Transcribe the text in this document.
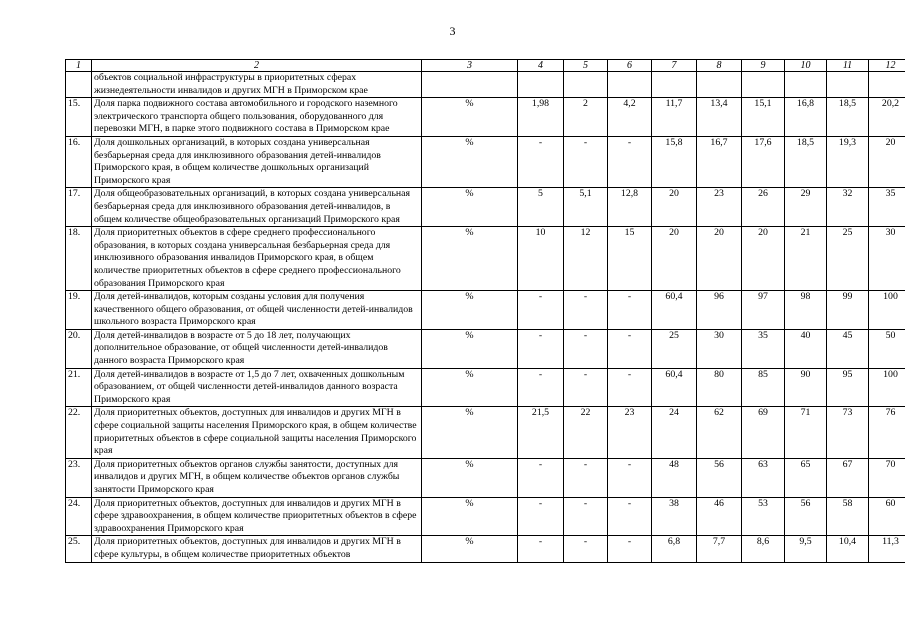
3
1	2	3	4	5	6	7	8	9	10	11	12
	объектов социальной инфраструктуры в приоритетных сферах жизнедеятельности инвалидов и других МГН в Приморском крае										
15.	Доля парка подвижного состава автомобильного и городского наземного электрического транспорта общего пользования, оборудованного для перевозки МГН, в парке этого подвижного состава в Приморском крае	%	1,98	2	4,2	11,7	13,4	15,1	16,8	18,5	20,2
16.	Доля дошкольных организаций, в которых создана универсальная безбарьерная среда для инклюзивного образования детей-инвалидов Приморского края, в общем количестве дошкольных организаций Приморского края	%	-	-	-	15,8	16,7	17,6	18,5	19,3	20
17.	Доля общеобразовательных организаций, в которых создана универсальная безбарьерная среда для инклюзивного образования детей-инвалидов, в общем количестве общеобразовательных организаций Приморского края	%	5	5,1	12,8	20	23	26	29	32	35
18.	Доля приоритетных объектов в сфере среднего профессионального образования, в которых создана универсальная безбарьерная среда для инклюзивного образования инвалидов Приморского края, в общем количестве приоритетных объектов в сфере среднего профессионального образования Приморского края	%	10	12	15	20	20	20	21	25	30
19.	Доля детей-инвалидов, которым созданы условия для получения качественного общего образования, от общей численности детей-инвалидов школьного возраста Приморского края	%	-	-	-	60,4	96	97	98	99	100
20.	Доля детей-инвалидов в возрасте от 5 до 18 лет, получающих дополнительное образование, от общей численности детей-инвалидов данного возраста Приморского края	%	-	-	-	25	30	35	40	45	50
21.	Доля детей-инвалидов в возрасте от 1,5 до 7 лет, охваченных дошкольным образованием, от общей численности детей-инвалидов данного возраста Приморского края	%	-	-	-	60,4	80	85	90	95	100
22.	Доля приоритетных объектов, доступных для инвалидов и других МГН в сфере социальной защиты населения Приморского края, в общем количестве приоритетных объектов в сфере социальной защиты населения Приморского края	%	21,5	22	23	24	62	69	71	73	76
23.	Доля приоритетных объектов органов службы занятости, доступных для инвалидов и других МГН, в общем количестве объектов органов службы занятости Приморского края	%	-	-	-	48	56	63	65	67	70
24.	Доля приоритетных объектов, доступных для инвалидов и других МГН в сфере здравоохранения, в общем количестве приоритетных объектов в сфере здравоохранения Приморского края	%	-	-	-	38	46	53	56	58	60
25.	Доля приоритетных объектов, доступных для инвалидов и других МГН в сфере культуры, в общем количестве приоритетных объектов	%	-	-	-	6,8	7,7	8,6	9,5	10,4	11,3
